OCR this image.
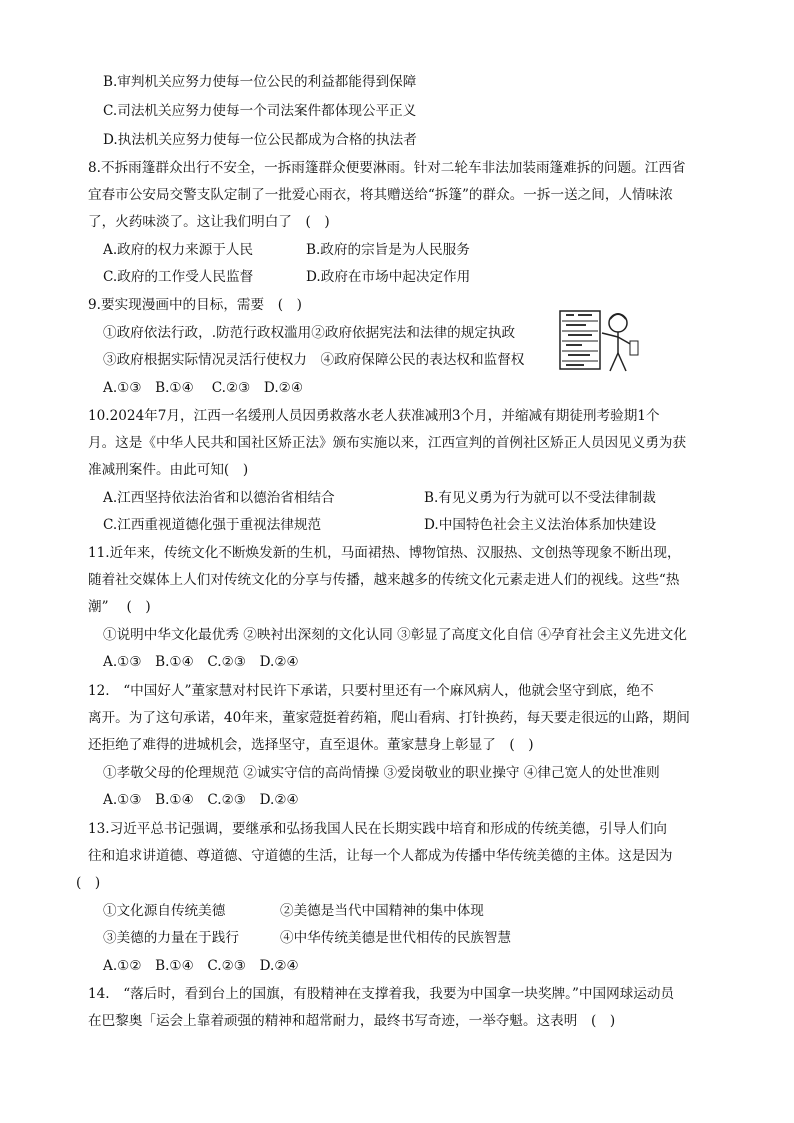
B.审判机关应努力使每一位公民的利益都能得到保障
C.司法机关应努力使每一个司法案件都体现公平正义
D.执法机关应努力使每一位公民都成为合格的执法者
8.不拆雨篷群众出行不安全，一拆雨篷群众便要淋雨。针对二轮车非法加装雨篷难拆的问题。江西省
宜春市公安局交警支队定制了一批爱心雨衣，将其赠送给“拆篷”的群众。一拆一送之间，人情味浓
了，火药味淡了。这让我们明白了　(　)
A.政府的权力来源于人民	B.政府的宗旨是为人民服务
C.政府的工作受人民监督	D.政府在市场中起决定作用
9.要实现漫画中的目标，需要　(　)
①政府依法行政，.防范行政权滥用②政府依据宪法和法律的规定执政
③政府根据实际情况灵活行使权力　④政府保障公民的表达权和监督权
A.①③　B.①④　 C.②③　D.②④
10.2024年7月，江西一名缓刑人员因勇救落水老人获准减刑3个月，并缩减有期徒刑考验期1个
月。这是《中华人民共和国社区矫正法》颁布实施以来，江西宣判的首例社区矫正人员因见义勇为获
准减刑案件。由此可知(　)
A.江西坚持依法治省和以德治省相结合	B.有见义勇为行为就可以不受法律制裁
C.江西重视道德化强于重视法律规范	D.中国特色社会主义法治体系加快建设
11.近年来，传统文化不断焕发新的生机，马面裙热、博物馆热、汉服热、文创热等现象不断出现，
随着社交媒体上人们对传统文化的分享与传播，越来越多的传统文化元素走进人们的视线。这些“热
潮”　 (　)
①说明中华文化最优秀 ②映衬出深刻的文化认同 ③彰显了高度文化自信 ④孕育社会主义先进文化
A.①③　B.①④　C.②③　D.②④
12.　“中国好人”董家慧对村民许下承诺，只要村里还有一个麻风病人，他就会坚守到底，绝不
离开。为了这句承诺，40年来，董家蒄挺着药箱，爬山看病、打针换药，每天要走很远的山路，期间
还拒绝了难得的进城机会，选择坚守，直至退休。董家慧身上彰显了　(　)
①孝敬父母的伦理规范 ②诚实守信的高尚情操 ③爱岗敬业的职业操守 ④律己宽人的处世准则
A.①③　B.①④　C.②③　D.②④
13.习近平总书记强调，要继承和弘扬我国人民在长期实践中培育和形成的传统美德，引导人们向
往和追求讲道德、尊道德、守道德的生活，让每一个人都成为传播中华传统美德的主体。这是因为
(　)
①文化源自传统美德	②美德是当代中国精神的集中体现
③美德的力量在于践行	④中华传统美德是世代相传的民族智慧
A.①②　B.①④　C.②③　D.②④
14.　“落后时，看到台上的国旗，有股精神在支撑着我，我要为中国拿一块奖牌。”中国网球运动员
在巴黎奥「运会上靠着顽强的精神和超常耐力，最终书写奇迹，一举夺魁。这表明　(　)
